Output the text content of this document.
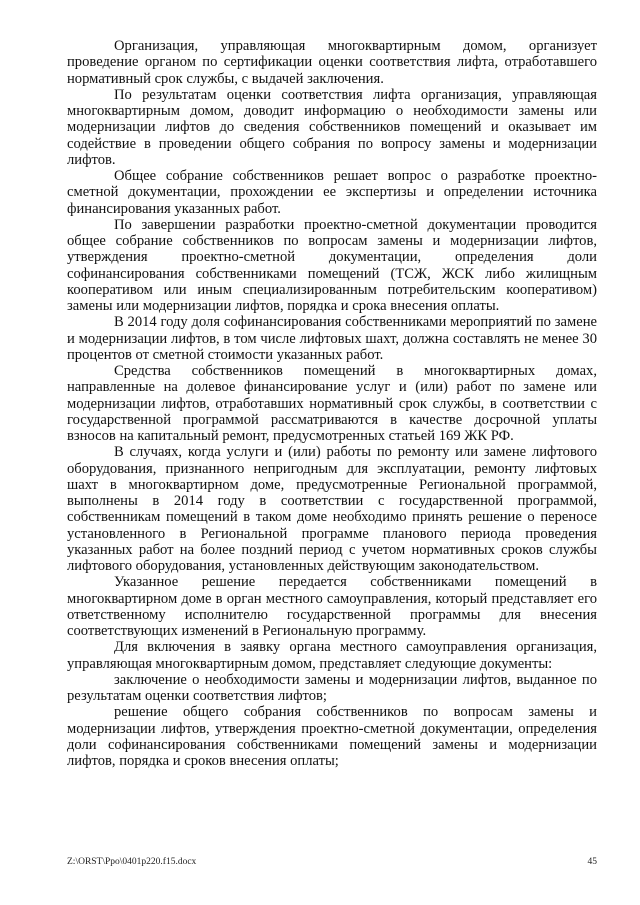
Организация, управляющая многоквартирным домом, организует проведение органом по сертификации оценки соответствия лифта, отработавшего нормативный срок службы, с выдачей заключения.

По результатам оценки соответствия лифта организация, управляющая многоквартирным домом, доводит информацию о необходимости замены или модернизации лифтов до сведения собственников помещений и оказывает им содействие в проведении общего собрания по вопросу замены и модернизации лифтов.

Общее собрание собственников решает вопрос о разработке проектно-сметной документации, прохождении ее экспертизы и определении источника финансирования указанных работ.

По завершении разработки проектно-сметной документации проводится общее собрание собственников по вопросам замены и модернизации лифтов, утверждения проектно-сметной документации, определения доли софинансирования собственниками помещений (ТСЖ, ЖСК либо жилищным кооперативом или иным специализированным потребительским кооперативом) замены или модернизации лифтов, порядка и срока внесения оплаты.

В 2014 году доля софинансирования собственниками мероприятий по замене и модернизации лифтов, в том числе лифтовых шахт, должна составлять не менее 30 процентов от сметной стоимости указанных работ.

Средства собственников помещений в многоквартирных домах, направленные на долевое финансирование услуг и (или) работ по замене или модернизации лифтов, отработавших нормативный срок службы, в соответствии с государственной программой рассматриваются в качестве досрочной уплаты взносов на капитальный ремонт, предусмотренных статьей 169 ЖК РФ.

В случаях, когда услуги и (или) работы по ремонту или замене лифтового оборудования, признанного непригодным для эксплуатации, ремонту лифтовых шахт в многоквартирном доме, предусмотренные Региональной программой, выполнены в 2014 году в соответствии с государственной программой, собственникам помещений в таком доме необходимо принять решение о переносе установленного в Региональной программе планового периода проведения указанных работ на более поздний период с учетом нормативных сроков службы лифтового оборудования, установленных действующим законодательством.

Указанное решение передается собственниками помещений в многоквартирном доме в орган местного самоуправления, который представляет его ответственному исполнителю государственной программы для внесения соответствующих изменений в Региональную программу.

Для включения в заявку органа местного самоуправления организация, управляющая многоквартирным домом, представляет следующие документы:

заключение о необходимости замены и модернизации лифтов, выданное по результатам оценки соответствия лифтов;

решение общего собрания собственников по вопросам замены и модернизации лифтов, утверждения проектно-сметной документации, определения доли софинансирования собственниками помещений замены и модернизации лифтов, порядка и сроков внесения оплаты;

Z:\ORST\Ppo\0401p220.f15.docx	45
